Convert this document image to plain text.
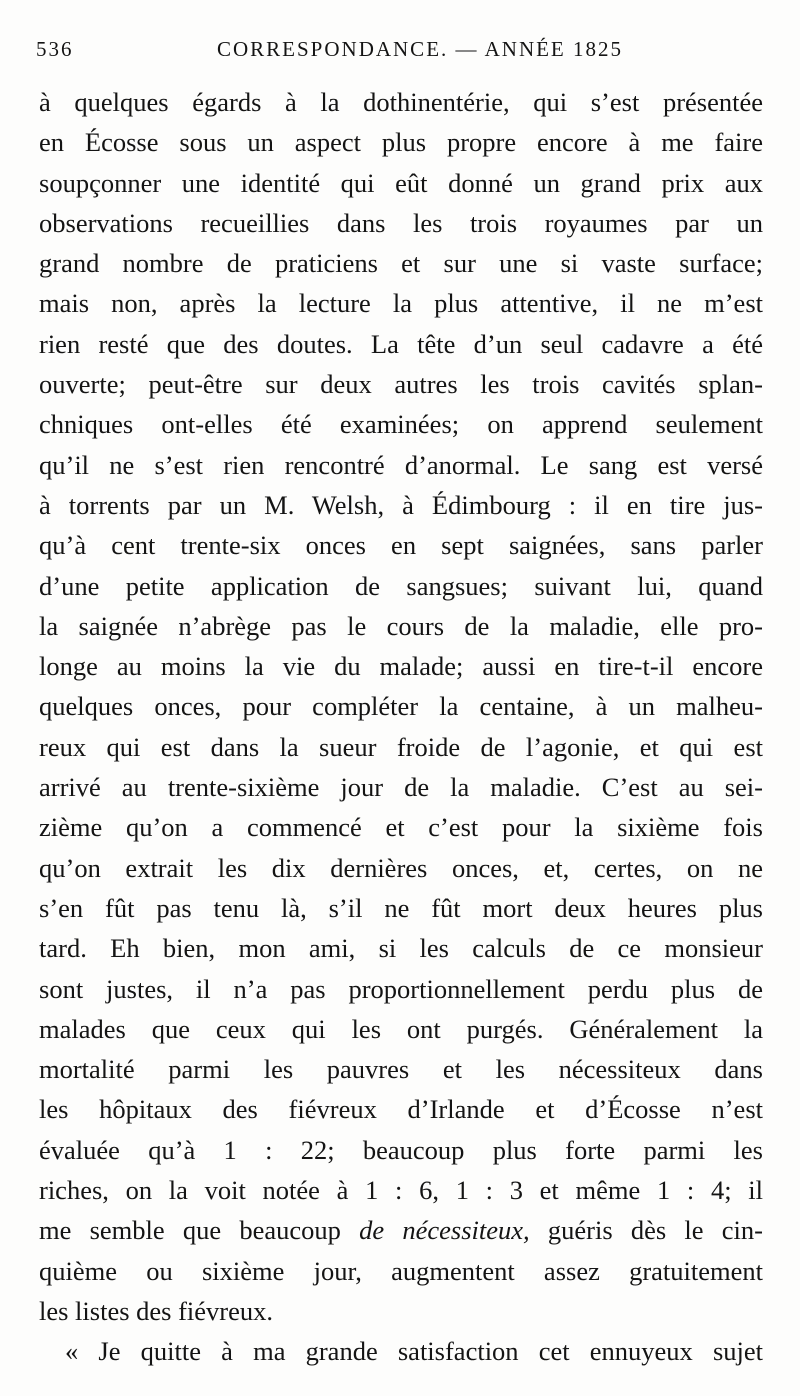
536	CORRESPONDANCE. — ANNÉE 1825
à quelques égards à la dothinentérie, qui s’est présentée
en Écosse sous un aspect plus propre encore à me faire
soupçonner une identité qui eût donné un grand prix aux
observations recueillies dans les trois royaumes par un
grand nombre de praticiens et sur une si vaste surface;
mais non, après la lecture la plus attentive, il ne m’est
rien resté que des doutes. La tête d’un seul cadavre a été
ouverte; peut-être sur deux autres les trois cavités splan-
chniques ont-elles été examinées; on apprend seulement
qu’il ne s’est rien rencontré d’anormal. Le sang est versé
à torrents par un M. Welsh, à Édimbourg : il en tire jus-
qu’à cent trente-six onces en sept saignées, sans parler
d’une petite application de sangsues; suivant lui, quand
la saignée n’abrège pas le cours de la maladie, elle pro-
longe au moins la vie du malade; aussi en tire-t-il encore
quelques onces, pour compléter la centaine, à un malheu-
reux qui est dans la sueur froide de l’agonie, et qui est
arrivé au trente-sixième jour de la maladie. C’est au sei-
zième qu’on a commencé et c’est pour la sixième fois
qu’on extrait les dix dernières onces, et, certes, on ne
s’en fût pas tenu là, s’il ne fût mort deux heures plus
tard. Eh bien, mon ami, si les calculs de ce monsieur
sont justes, il n’a pas proportionnellement perdu plus de
malades que ceux qui les ont purgés. Généralement la
mortalité parmi les pauvres et les nécessiteux dans
les hôpitaux des fiévreux d’Irlande et d’Écosse n’est
évaluée qu’à 1 : 22; beaucoup plus forte parmi les
riches, on la voit notée à 1 : 6, 1 : 3 et même 1 : 4; il
me semble que beaucoup de nécessiteux, guéris dès le cin-
quième ou sixième jour, augmentent assez gratuitement
les listes des fiévreux.
« Je quitte à ma grande satisfaction cet ennuyeux sujet
